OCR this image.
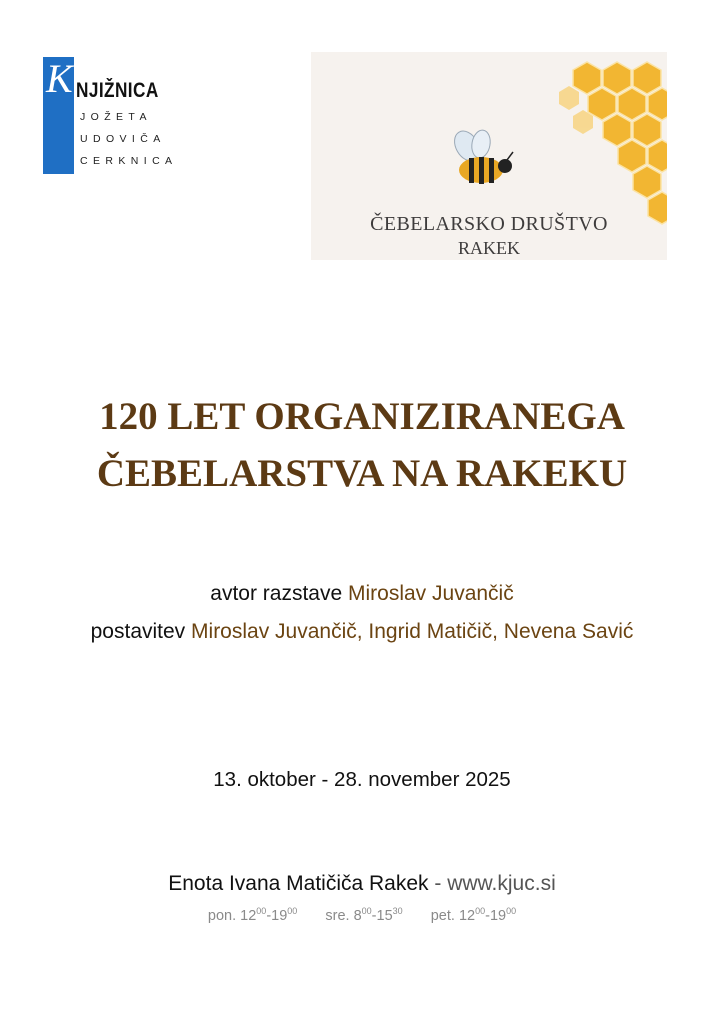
K NJIŽNICA
JOŽETA
UDOVIČA
CERKNICA
ČEBELARSKO DRUŠTVO
RAKEK
120 LET ORGANIZIRANEGA
ČEBELARSTVA NA RAKEKU
avtor razstave Miroslav Juvančič
postavitev Miroslav Juvančič, Ingrid Matičič, Nevena Savić
13. oktober - 28. november 2025
Enota Ivana Matičiča Rakek - www.kjuc.si
pon. $12^{00}-19^{00}$ sre. $8^{00}-15^{30}$ pet. $12^{00}-19^{00}$
